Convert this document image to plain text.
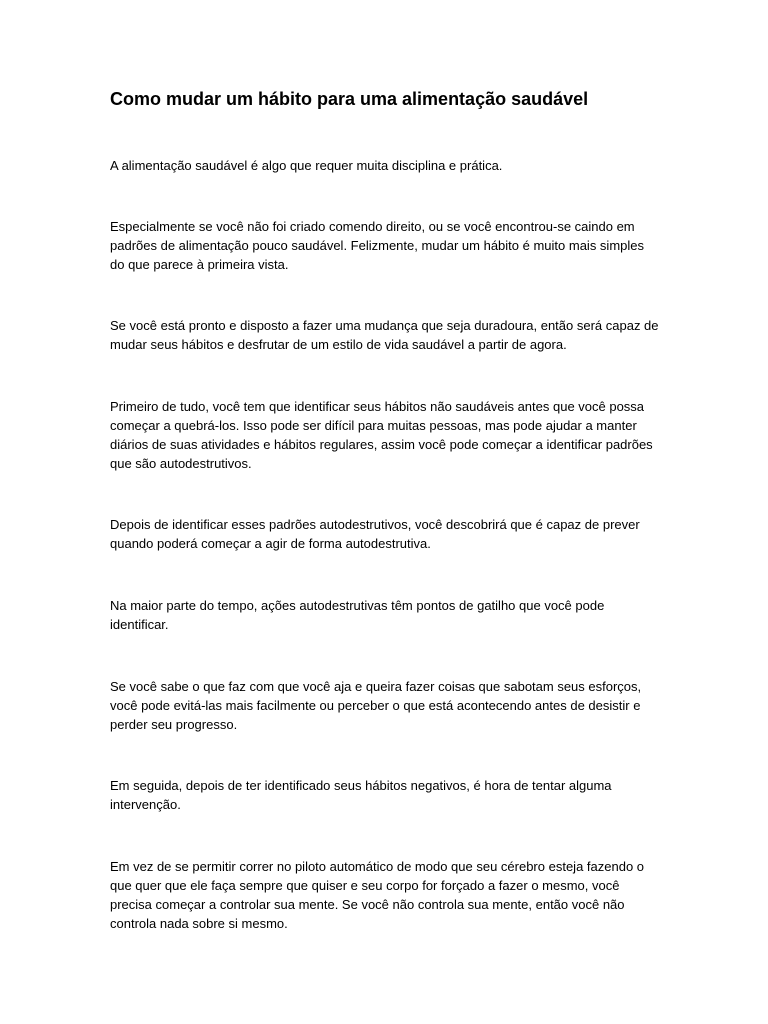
Como mudar um hábito para uma alimentação saudável

A alimentação saudável é algo que requer muita disciplina e prática.

Especialmente se você não foi criado comendo direito, ou se você encontrou-se caindo em padrões de alimentação pouco saudável. Felizmente, mudar um hábito é muito mais simples do que parece à primeira vista.

Se você está pronto e disposto a fazer uma mudança que seja duradoura, então será capaz de mudar seus hábitos e desfrutar de um estilo de vida saudável a partir de agora.

Primeiro de tudo, você tem que identificar seus hábitos não saudáveis antes que você possa começar a quebrá-los. Isso pode ser difícil para muitas pessoas, mas pode ajudar a manter diários de suas atividades e hábitos regulares, assim você pode começar a identificar padrões que são autodestrutivos.

Depois de identificar esses padrões autodestrutivos, você descobrirá que é capaz de prever quando poderá começar a agir de forma autodestrutiva.

Na maior parte do tempo, ações autodestrutivas têm pontos de gatilho que você pode identificar.

Se você sabe o que faz com que você aja e queira fazer coisas que sabotam seus esforços, você pode evitá-las mais facilmente ou perceber o que está acontecendo antes de desistir e perder seu progresso.

Em seguida, depois de ter identificado seus hábitos negativos, é hora de tentar alguma intervenção.

Em vez de se permitir correr no piloto automático de modo que seu cérebro esteja fazendo o que quer que ele faça sempre que quiser e seu corpo for forçado a fazer o mesmo, você precisa começar a controlar sua mente. Se você não controla sua mente, então você não controla nada sobre si mesmo.
